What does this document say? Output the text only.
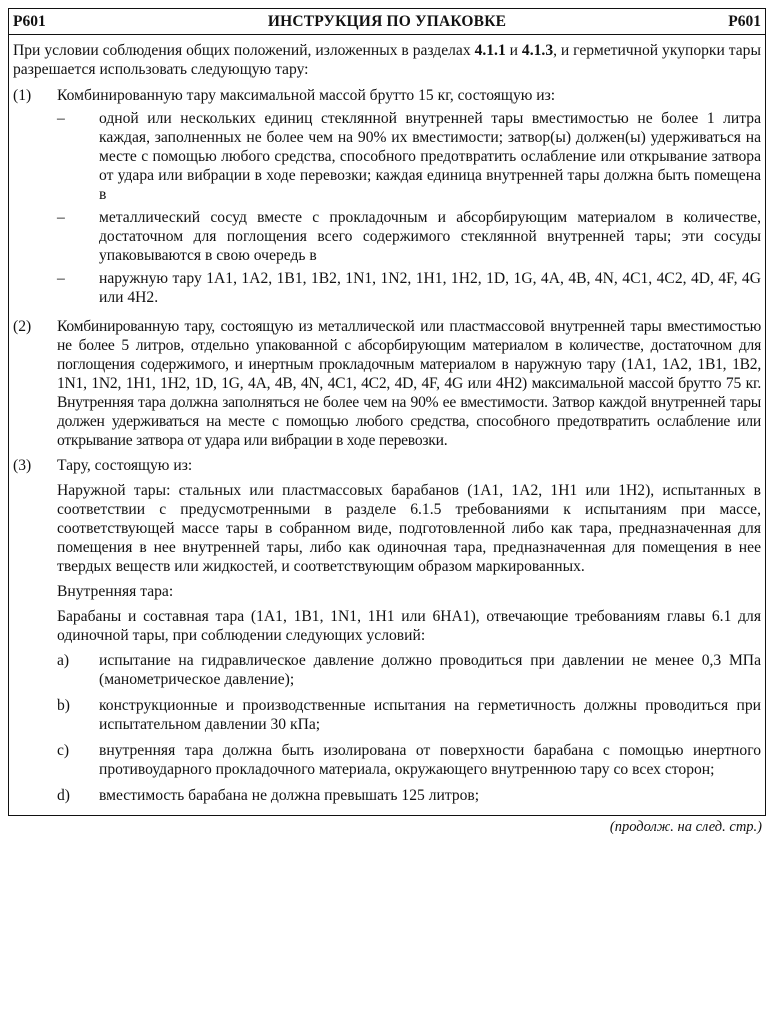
P601	ИНСТРУКЦИЯ ПО УПАКОВКЕ	P601

При условии соблюдения общих положений, изложенных в разделах 4.1.1 и 4.1.3, и герметичной укупорки тары разрешается использовать следующую тару:

(1)	Комбинированную тару максимальной массой брутто 15 кг, состоящую из:
–	одной или нескольких единиц стеклянной внутренней тары вместимостью не более 1 литра каждая, заполненных не более чем на 90% их вместимости; затвор(ы) должен(ы) удерживаться на месте с помощью любого средства, способного предотвратить ослабление или открывание затвора от удара или вибрации в ходе перевозки; каждая единица внутренней тары должна быть помещена в
–	металлический сосуд вместе с прокладочным и абсорбирующим материалом в количестве, достаточном для поглощения всего содержимого стеклянной внутренней тары; эти сосуды упаковываются в свою очередь в
–	наружную тару 1A1, 1A2, 1B1, 1B2, 1N1, 1N2, 1H1, 1H2, 1D, 1G, 4A, 4B, 4N, 4C1, 4C2, 4D, 4F, 4G или 4H2.
(2)	Комбинированную тару, состоящую из металлической или пластмассовой внутренней тары вместимостью не более 5 литров, отдельно упакованной с абсорбирующим материалом в количестве, достаточном для поглощения содержимого, и инертным прокладочным материалом в наружную тару (1A1, 1A2, 1B1, 1B2, 1N1, 1N2, 1H1, 1H2, 1D, 1G, 4A, 4B, 4N, 4C1, 4C2, 4D, 4F, 4G или 4H2) максимальной массой брутто 75 кг. Внутренняя тара должна заполняться не более чем на 90% ее вместимости. Затвор каждой внутренней тары должен удерживаться на месте с помощью любого средства, способного предотвратить ослабление или открывание затвора от удара или вибрации в ходе перевозки.
(3)	Тару, состоящую из:

Наружной тары: стальных или пластмассовых барабанов (1A1, 1A2, 1H1 или 1H2), испытанных в соответствии с предусмотренными в разделе 6.1.5 требованиями к испытаниям при массе, соответствующей массе тары в собранном виде, подготовленной либо как тара, предназначенная для помещения в нее внутренней тары, либо как одиночная тара, предназначенная для помещения в нее твердых веществ или жидкостей, и соответствующим образом маркированных.

Внутренняя тара:

Барабаны и составная тара (1A1, 1B1, 1N1, 1H1 или 6HA1), отвечающие требованиям главы 6.1 для одиночной тары, при соблюдении следующих условий:

a)	испытание на гидравлическое давление должно проводиться при давлении не менее 0,3 МПа (манометрическое давление);
b)	конструкционные и производственные испытания на герметичность должны проводиться при испытательном давлении 30 кПа;
c)	внутренняя тара должна быть изолирована от поверхности барабана с помощью инертного противоударного прокладочного материала, окружающего внутреннюю тару со всех сторон;
d)	вместимость барабана не должна превышать 125 литров;
(продолж. на след. стр.)
